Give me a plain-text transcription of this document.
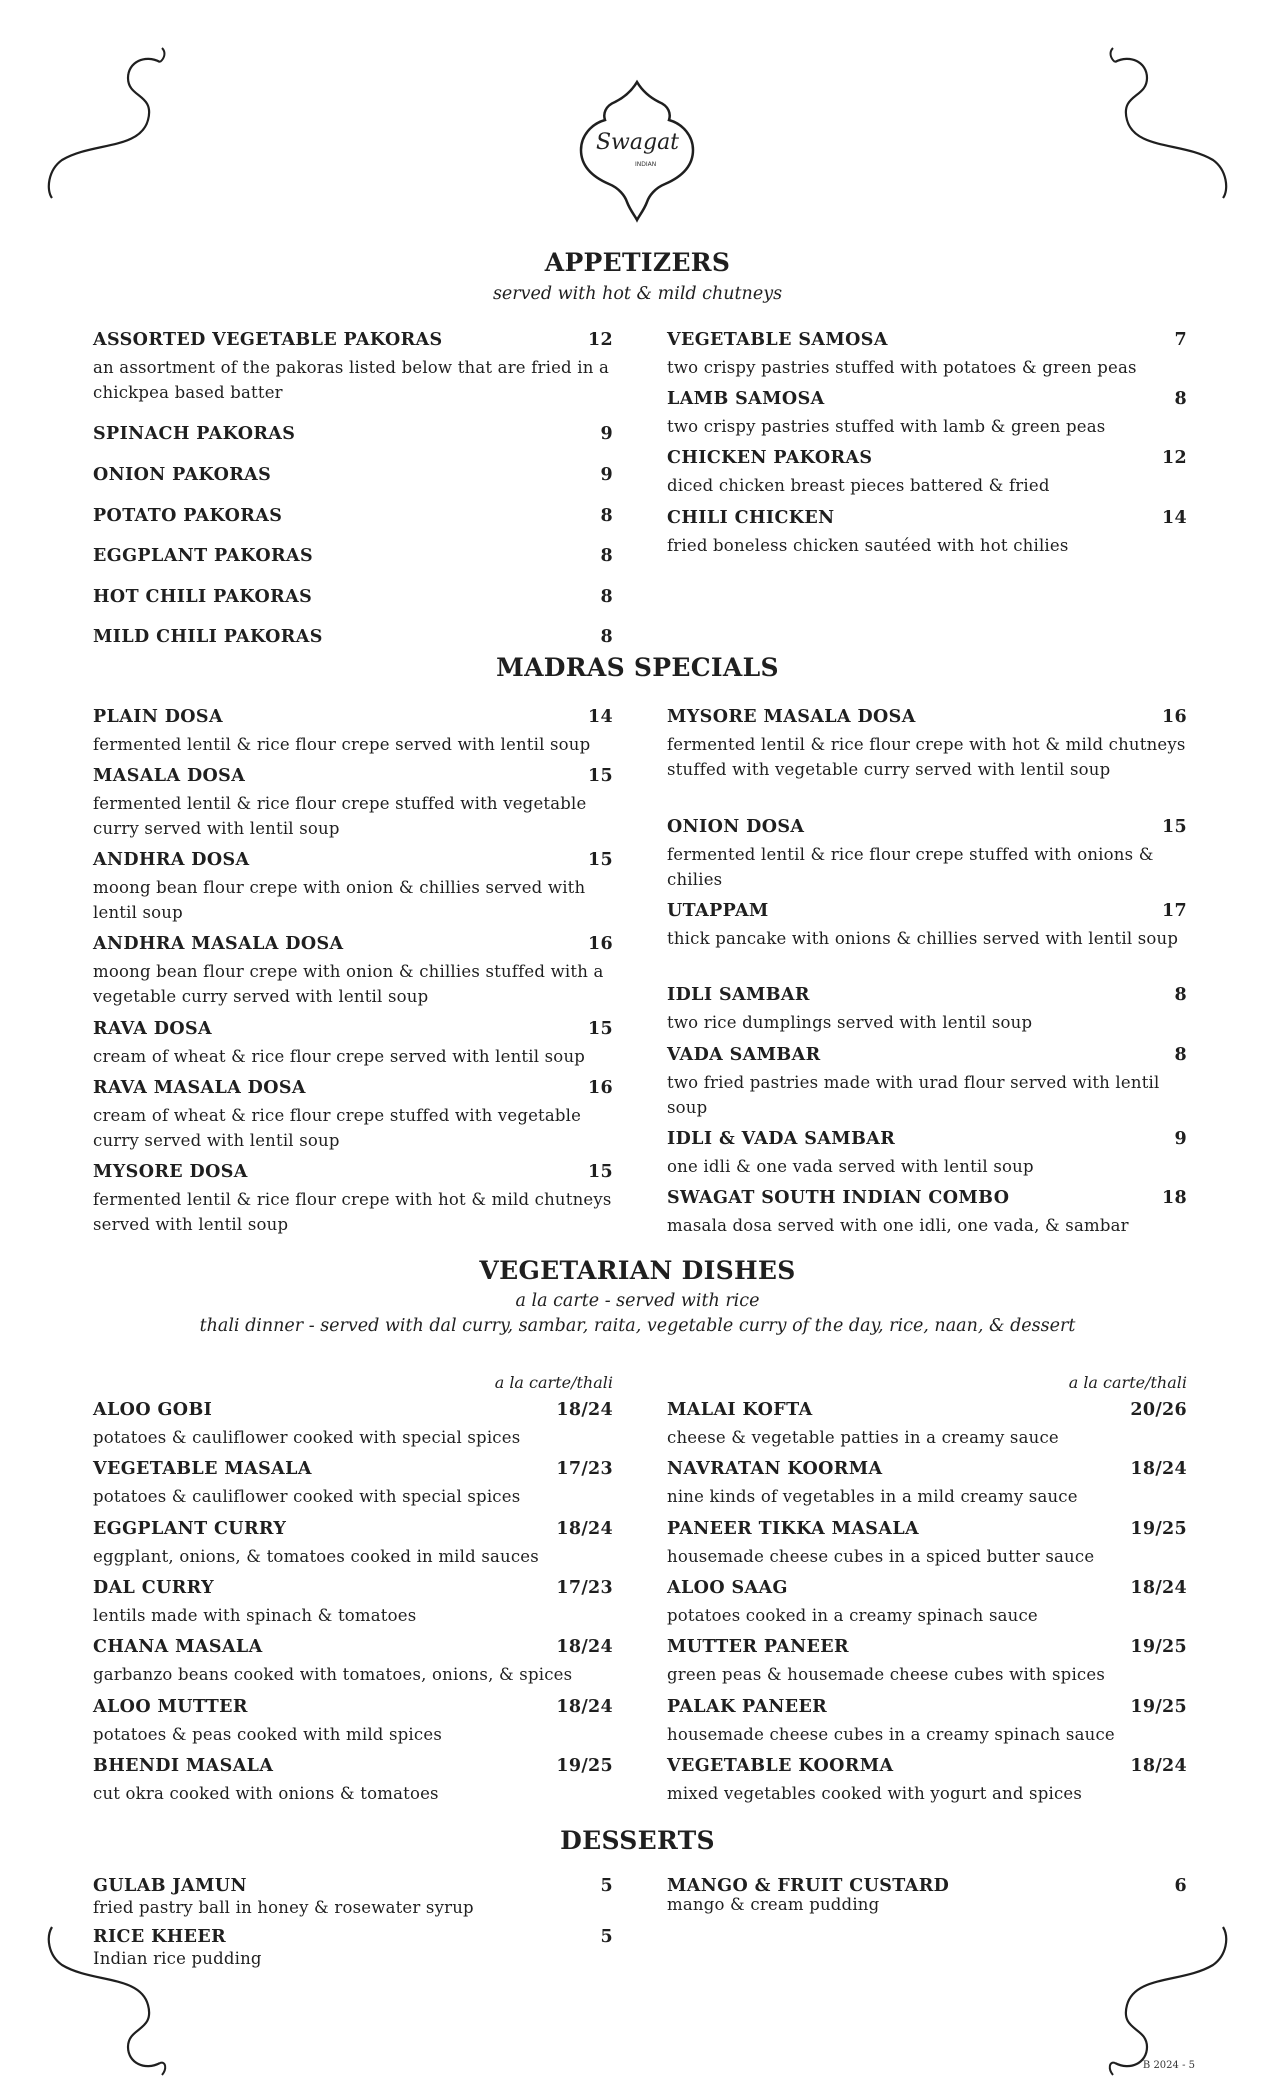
Swagat
INDIAN
APPETIZERS
served with hot & mild chutneys
ASSORTED VEGETABLE PAKORAS	12
an assortment of the pakoras listed below that are fried in a chickpea based batter
SPINACH PAKORAS	9
ONION PAKORAS	9
POTATO PAKORAS	8
EGGPLANT PAKORAS	8
HOT CHILI PAKORAS	8
MILD CHILI PAKORAS	8
VEGETABLE SAMOSA	7
two crispy pastries stuffed with potatoes & green peas
LAMB SAMOSA	8
two crispy pastries stuffed with lamb & green peas
CHICKEN PAKORAS	12
diced chicken breast pieces battered & fried
CHILI CHICKEN	14
fried boneless chicken sautéed with hot chilies
MADRAS SPECIALS
PLAIN DOSA	14
fermented lentil & rice flour crepe served with lentil soup
MASALA DOSA	15
fermented lentil & rice flour crepe stuffed with vegetable curry served with lentil soup
ANDHRA DOSA	15
moong bean flour crepe with onion & chillies served with lentil soup
ANDHRA MASALA DOSA	16
moong bean flour crepe with onion & chillies stuffed with a vegetable curry served with lentil soup
RAVA DOSA	15
cream of wheat & rice flour crepe served with lentil soup
RAVA MASALA DOSA	16
cream of wheat & rice flour crepe stuffed with vegetable curry served with lentil soup
MYSORE DOSA	15
fermented lentil & rice flour crepe with hot & mild chutneys served with lentil soup
MYSORE MASALA DOSA	16
fermented lentil & rice flour crepe with hot & mild chutneys stuffed with vegetable curry served with lentil soup
ONION DOSA	15
fermented lentil & rice flour crepe stuffed with onions & chilies
UTAPPAM	17
thick pancake with onions & chillies served with lentil soup
IDLI SAMBAR	8
two rice dumplings served with lentil soup
VADA SAMBAR	8
two fried pastries made with urad flour served with lentil soup
IDLI & VADA SAMBAR	9
one idli & one vada served with lentil soup
SWAGAT SOUTH INDIAN COMBO	18
masala dosa served with one idli, one vada, & sambar
VEGETARIAN DISHES
a la carte - served with rice
thali dinner - served with dal curry, sambar, raita, vegetable curry of the day, rice, naan, & dessert
a la carte/thali
ALOO GOBI	18/24
potatoes & cauliflower cooked with special spices
VEGETABLE MASALA	17/23
potatoes & cauliflower cooked with special spices
EGGPLANT CURRY	18/24
eggplant, onions, & tomatoes cooked in mild sauces
DAL CURRY	17/23
lentils made with spinach & tomatoes
CHANA MASALA	18/24
garbanzo beans cooked with tomatoes, onions, & spices
ALOO MUTTER	18/24
potatoes & peas cooked with mild spices
BHENDI MASALA	19/25
cut okra cooked with onions & tomatoes
a la carte/thali
MALAI KOFTA	20/26
cheese & vegetable patties in a creamy sauce
NAVRATAN KOORMA	18/24
nine kinds of vegetables in a mild creamy sauce
PANEER TIKKA MASALA	19/25
housemade cheese cubes in a spiced butter sauce
ALOO SAAG	18/24
potatoes cooked in a creamy spinach sauce
MUTTER PANEER	19/25
green peas & housemade cheese cubes with spices
PALAK PANEER	19/25
housemade cheese cubes in a creamy spinach sauce
VEGETABLE KOORMA	18/24
mixed vegetables cooked with yogurt and spices
DESSERTS
GULAB JAMUN	5
fried pastry ball in honey & rosewater syrup
RICE KHEER	5
Indian rice pudding
MANGO & FRUIT CUSTARD	6
mango & cream pudding
B 2024 - 5
